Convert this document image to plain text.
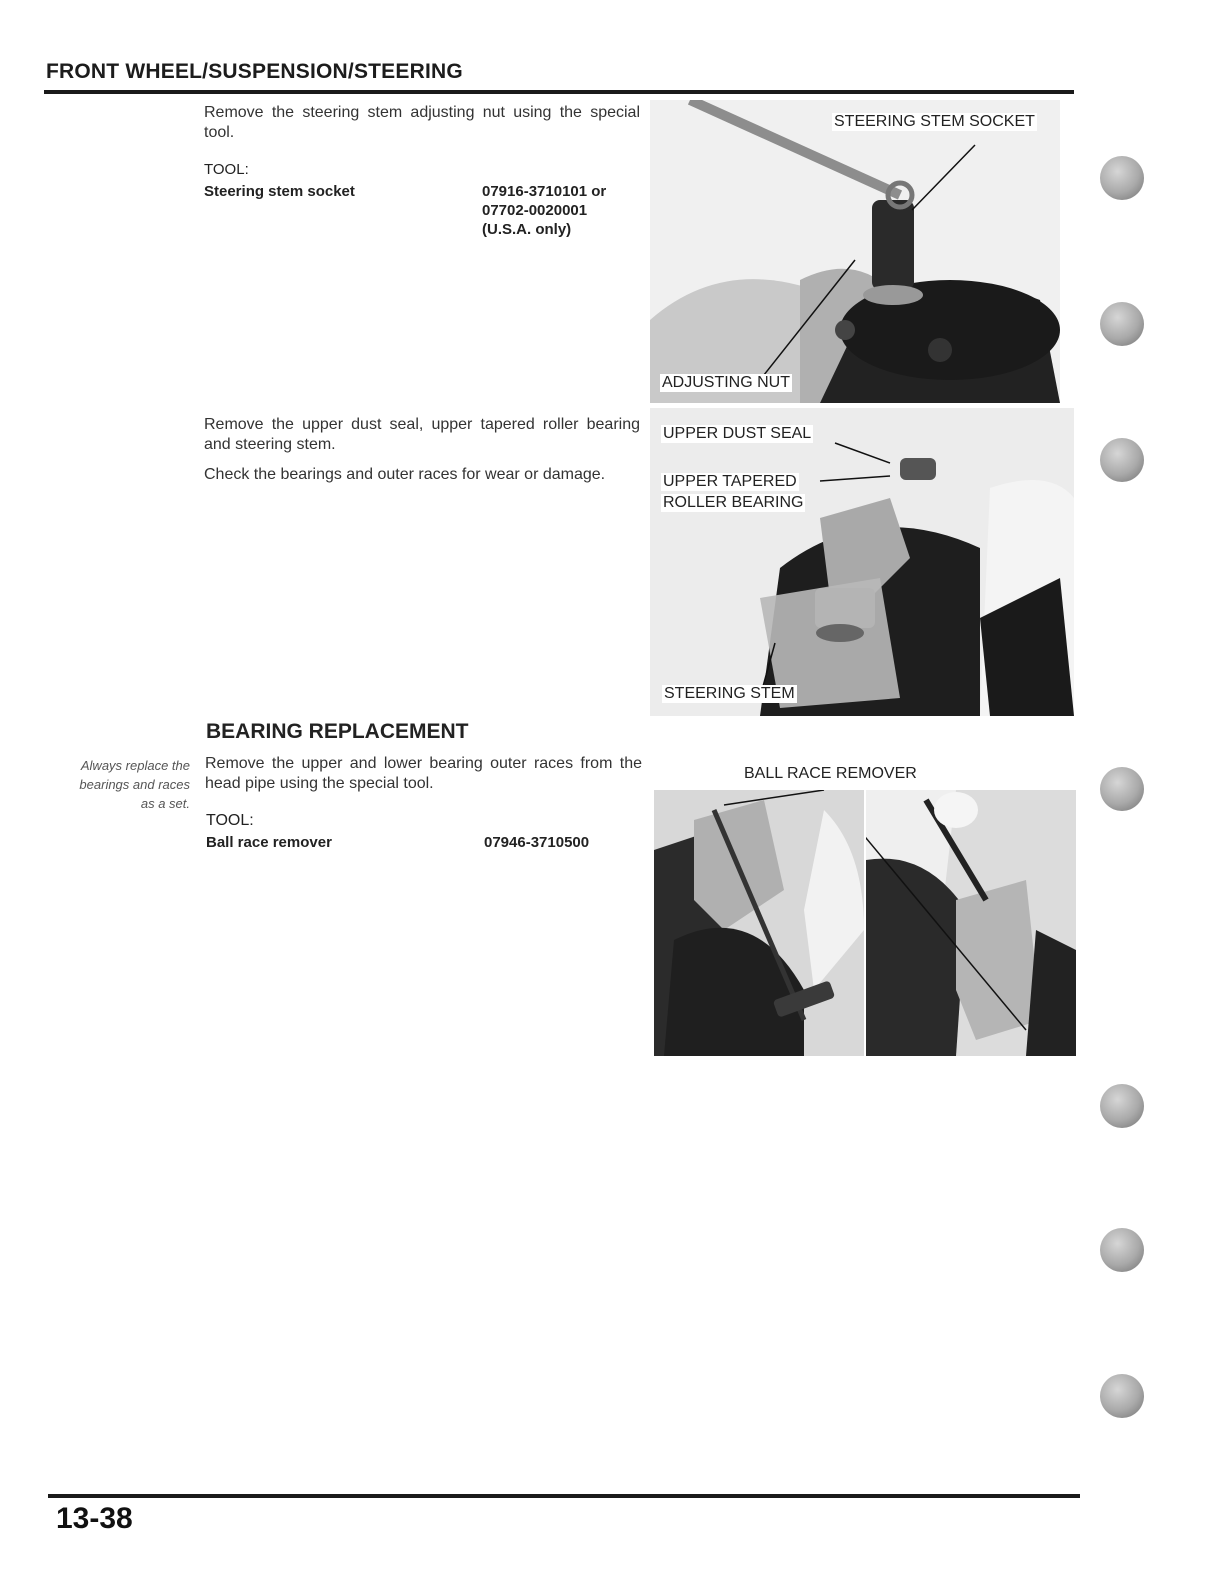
FRONT WHEEL/SUSPENSION/STEERING
Remove the steering stem adjusting nut using the special tool.
TOOL:
Steering stem socket	07916-3710101 or
07702-0020001
(U.S.A. only)
STEERING STEM SOCKET
ADJUSTING NUT
Remove the upper dust seal, upper tapered roller bearing and steering stem.
Check the bearings and outer races for wear or damage.
UPPER DUST SEAL
UPPER TAPERED
ROLLER BEARING
STEERING STEM
BEARING REPLACEMENT
Always replace the
bearings and races
as a set.
Remove the upper and lower bearing outer races from the head pipe using the special tool.
TOOL:
Ball race remover	07946-3710500
BALL RACE REMOVER
13-38
